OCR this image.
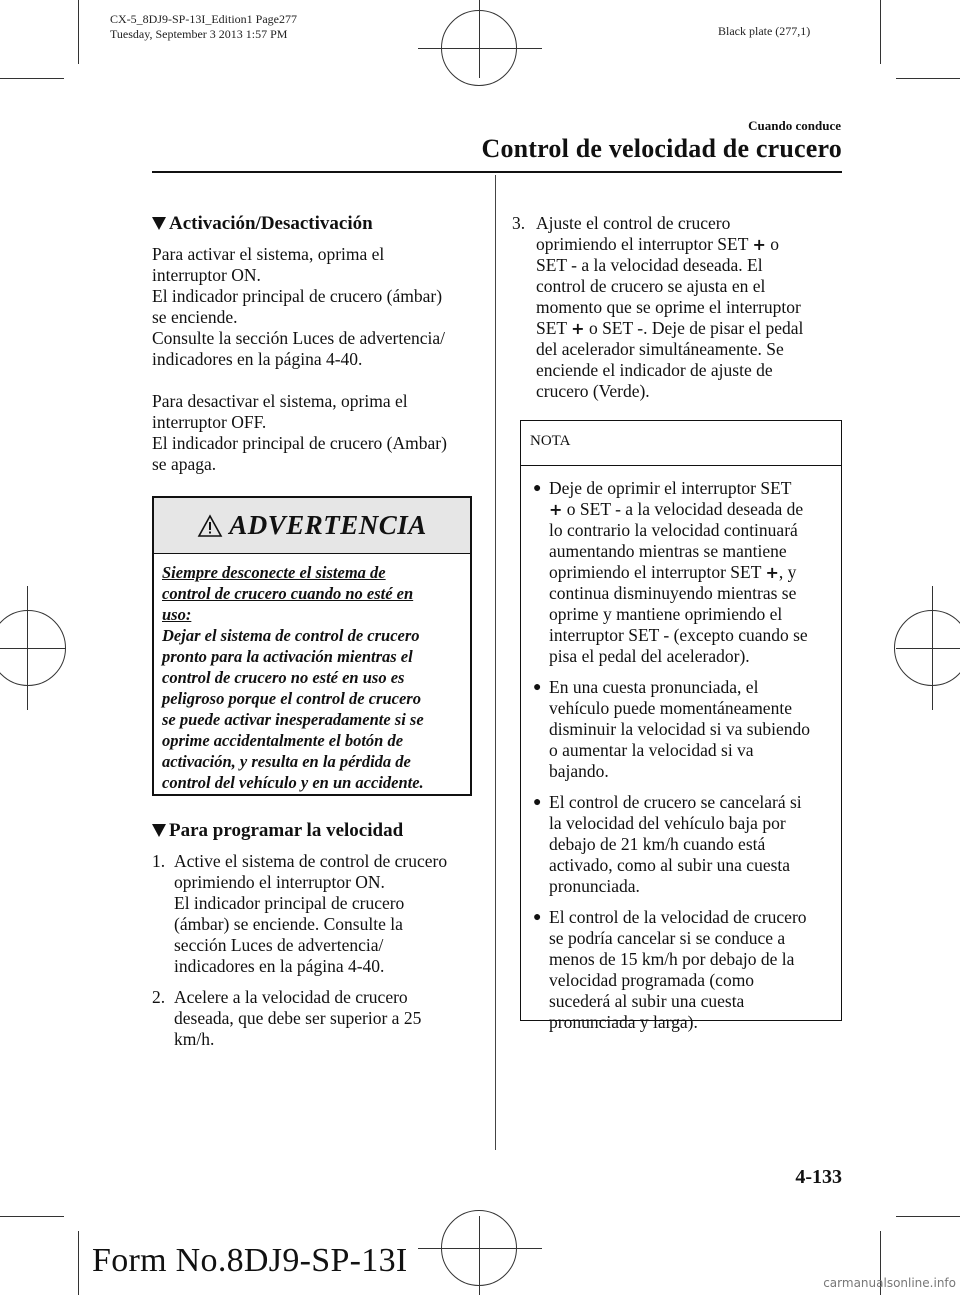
CX-5_8DJ9-SP-13I_Edition1 Page277
Tuesday, September 3 2013 1:57 PM	Black plate (277,1)
Cuando conduce
Control de velocidad de crucero
Activación/Desactivación
Para activar el sistema, oprima el
interruptor ON.
El indicador principal de crucero (ámbar)
se enciende.
Consulte la sección Luces de advertencia/
indicadores en la página 4-40.
Para desactivar el sistema, oprima el
interruptor OFF.
El indicador principal de crucero (Ambar)
se apaga.
ADVERTENCIA
Siempre desconecte el sistema de
control de crucero cuando no esté en
uso:
Dejar el sistema de control de crucero
pronto para la activación mientras el
control de crucero no esté en uso es
peligroso porque el control de crucero
se puede activar inesperadamente si se
oprime accidentalmente el botón de
activación, y resulta en la pérdida de
control del vehículo y en un accidente.
Para programar la velocidad
1. Active el sistema de control de crucero
oprimiendo el interruptor ON.
El indicador principal de crucero
(ámbar) se enciende. Consulte la
sección Luces de advertencia/
indicadores en la página 4-40.
2. Acelere a la velocidad de crucero
deseada, que debe ser superior a 25
km/h.
3. Ajuste el control de crucero
oprimiendo el interruptor SET + o
SET - a la velocidad deseada. El
control de crucero se ajusta en el
momento que se oprime el interruptor
SET + o SET -. Deje de pisar el pedal
del acelerador simultáneamente. Se
enciende el indicador de ajuste de
crucero (Verde).
NOTA
● Deje de oprimir el interruptor SET
+ o SET - a la velocidad deseada de
lo contrario la velocidad continuará
aumentando mientras se mantiene
oprimiendo el interruptor SET +, y
continua disminuyendo mientras se
oprime y mantiene oprimiendo el
interruptor SET - (excepto cuando se
pisa el pedal del acelerador).
● En una cuesta pronunciada, el
vehículo puede momentáneamente
disminuir la velocidad si va subiendo
o aumentar la velocidad si va
bajando.
● El control de crucero se cancelará si
la velocidad del vehículo baja por
debajo de 21 km/h cuando está
activado, como al subir una cuesta
pronunciada.
● El control de la velocidad de crucero
se podría cancelar si se conduce a
menos de 15 km/h por debajo de la
velocidad programada (como
sucederá al subir una cuesta
pronunciada y larga).
4-133
Form No.8DJ9-SP-13I
carmanualsonline.info
